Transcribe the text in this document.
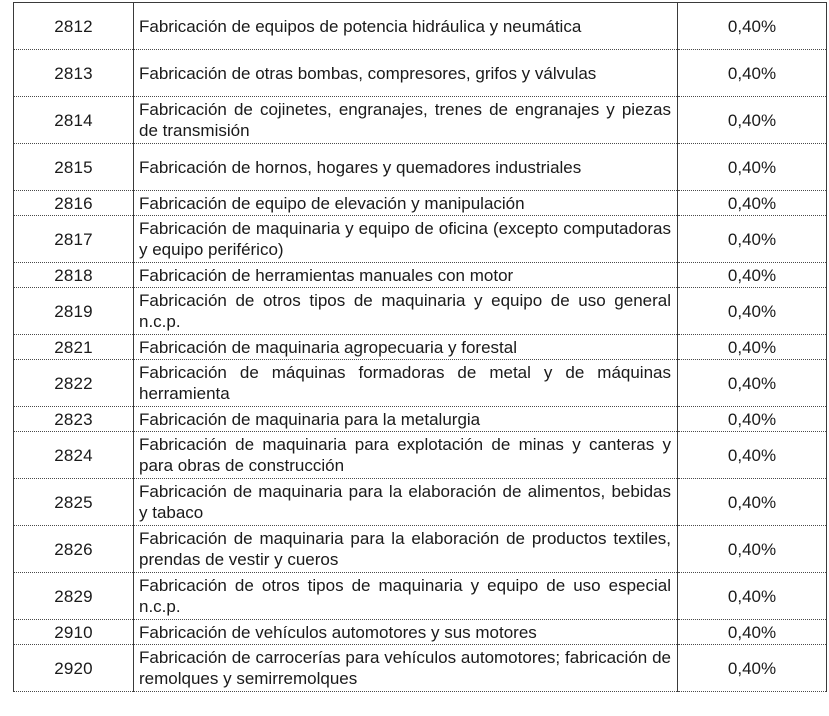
2812	Fabricación de equipos de potencia hidráulica y neumática	0,40%
2813	Fabricación de otras bombas, compresores, grifos y válvulas	0,40%
2814	Fabricación de cojinetes, engranajes, trenes de engranajes y piezas de transmisión	0,40%
2815	Fabricación de hornos, hogares y quemadores industriales	0,40%
2816	Fabricación de equipo de elevación y manipulación	0,40%
2817	Fabricación de maquinaria y equipo de oficina (excepto computadoras y equipo periférico)	0,40%
2818	Fabricación de herramientas manuales con motor	0,40%
2819	Fabricación de otros tipos de maquinaria y equipo de uso general n.c.p.	0,40%
2821	Fabricación de maquinaria agropecuaria y forestal	0,40%
2822	Fabricación de máquinas formadoras de metal y de máquinas herramienta	0,40%
2823	Fabricación de maquinaria para la metalurgia	0,40%
2824	Fabricación de maquinaria para explotación de minas y canteras y para obras de construcción	0,40%
2825	Fabricación de maquinaria para la elaboración de alimentos, bebidas y tabaco	0,40%
2826	Fabricación de maquinaria para la elaboración de productos textiles, prendas de vestir y cueros	0,40%
2829	Fabricación de otros tipos de maquinaria y equipo de uso especial n.c.p.	0,40%
2910	Fabricación de vehículos automotores y sus motores	0,40%
2920	Fabricación de carrocerías para vehículos automotores; fabricación de remolques y semirremolques	0,40%
